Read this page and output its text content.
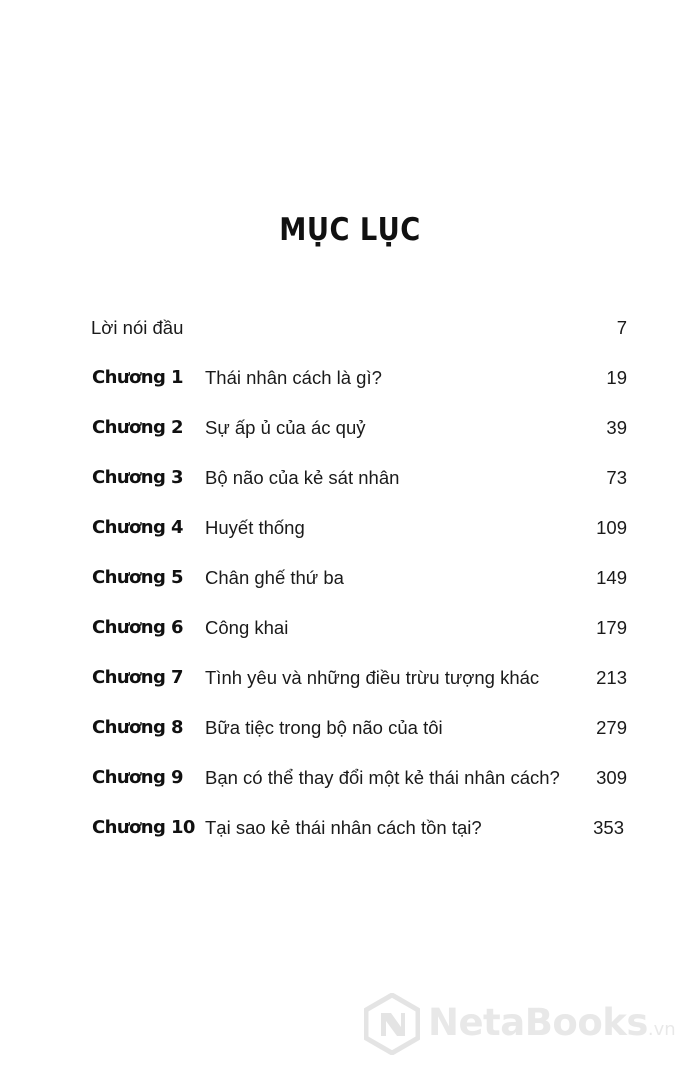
MỤC LỤC
Lời nói đầu	7
Chương 1 Thái nhân cách là gì?	19
Chương 2 Sự ấp ủ của ác quỷ	39
Chương 3 Bộ não của kẻ sát nhân	73
Chương 4 Huyết thống	109
Chương 5 Chân ghế thứ ba	149
Chương 6 Công khai	179
Chương 7 Tình yêu và những điều trừu tượng khác	213
Chương 8 Bữa tiệc trong bộ não của tôi	279
Chương 9 Bạn có thể thay đổi một kẻ thái nhân cách? 309
Chương 10 Tại sao kẻ thái nhân cách tồn tại?	353
NetaBooks.vn
